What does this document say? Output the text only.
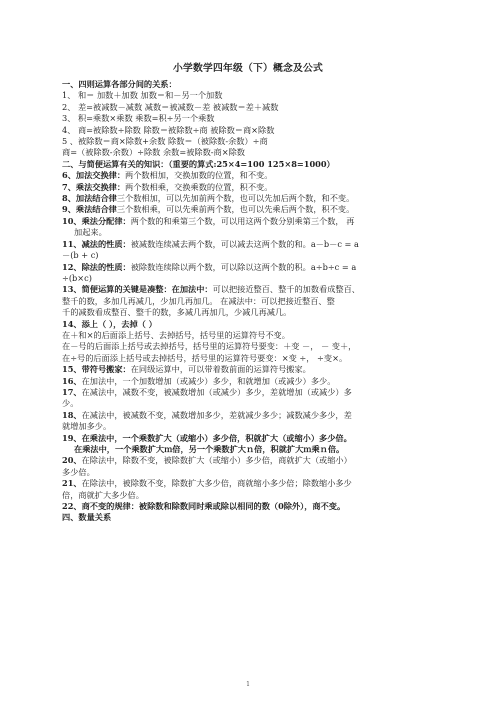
小学数学四年级（下）概念及公式
一、四则运算各部分间的关系：
1、 和＝ 加数＋加数 加数＝和－另一个加数
2、 差=被减数－减数 减数＝被减数－差 被减数＝差＋减数
3、 积=乘数×乘数 乘数=积÷另一个乘数
4、 商=被除数÷除数 除数＝被除数÷商 被除数＝商×除数
5 、被除数＝商×除数+余数 除数＝（被除数-余数）÷商
商=（被除数-余数）÷除数 余数=被除数-商×除数
二、与简便运算有关的知识：（重要的算式:25×4=100 125×8=1000）
6、加法交换律：两个数相加，交换加数的位置，和不变。
7、乘法交换律：两个数相乘，交换乘数的位置，积不变。
8、加法结合律三个数相加，可以先加前两个数，也可以先加后两个数，和不变。
9、乘法结合律三个数相乘，可以先乘前两个数，也可以先乘后两个数，积不变。
10、乘法分配律：两个数的和乘第三个数，可以用这两个数分别乘第三个数， 再
加起来。
11、减法的性质：被减数连续减去两个数，可以减去这两个数的和。a－b－c = a
－(b + c)
12、除法的性质：被除数连续除以两个数，可以除以这两个数的积。a÷b÷c = a
÷(b×c)
13、简便运算的关键是凑整：在加法中：可以把接近整百、整千的加数看成整百、
整千的数，多加几再减几，少加几再加几。 在减法中：可以把接近整百、整
千的减数看成整百、整千的数，多减几再加几，少减几再减几。
14、添上（ ），去掉（ ）
在＋和×的后面添上括号、去掉括号，括号里的运算符号不变。
在－号的后面添上括号或去掉括号，括号里的运算符号要变：＋变 －， － 变＋，
在÷号的后面添上括号或去掉括号，括号里的运算符号要变：×变 ÷， ÷变×。
15、带符号搬家：在同级运算中，可以带着数前面的运算符号搬家。
16、在加法中，一个加数增加（或减少）多少，和就增加（或减少）多少。
17、在减法中，减数不变，被减数增加（或减少）多少，差就增加（或减少）多
少。
18、在减法中，被减数不变，减数增加多少，差就减少多少；减数减少多少，差
就增加多少。
19、在乘法中，一个乘数扩大（或缩小）多少倍，积就扩大（或缩小）多少倍。
在乘法中，一个乘数扩大ｍ倍，另一个乘数扩大ｎ倍，积就扩大ｍ乘ｎ倍。
20、在除法中，除数不变，被除数扩大（或缩小）多少倍，商就扩大（或缩小）
多少倍。
21、在除法中，被除数不变，除数扩大多少倍，商就缩小多少倍；除数缩小多少
倍，商就扩大多少倍。
22、商不变的规律：被除数和除数同时乘或除以相同的数（0除外），商不变。
四、数量关系
1
